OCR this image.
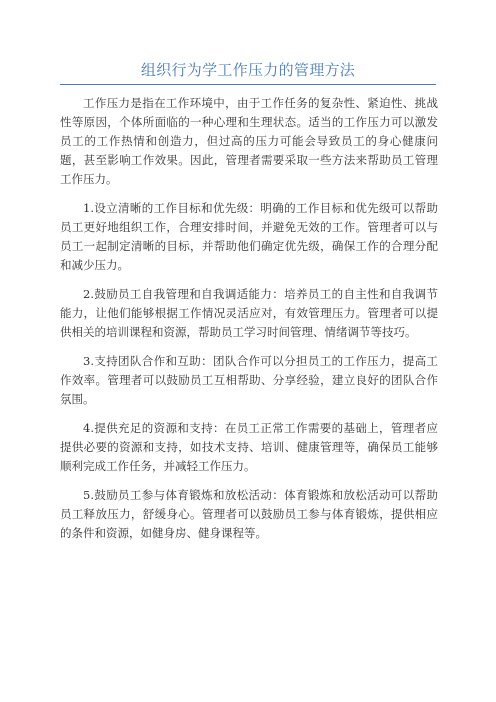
组织行为学工作压力的管理方法

工作压力是指在工作环境中，由于工作任务的复杂性、紧迫性、挑战性等原因，个体所面临的一种心理和生理状态。适当的工作压力可以激发员工的工作热情和创造力，但过高的压力可能会导致员工的身心健康问题，甚至影响工作效果。因此，管理者需要采取一些方法来帮助员工管理工作压力。

1.设立清晰的工作目标和优先级：明确的工作目标和优先级可以帮助员工更好地组织工作，合理安排时间，并避免无效的工作。管理者可以与员工一起制定清晰的目标，并帮助他们确定优先级，确保工作的合理分配和减少压力。

2.鼓励员工自我管理和自我调适能力：培养员工的自主性和自我调节能力，让他们能够根据工作情况灵活应对，有效管理压力。管理者可以提供相关的培训课程和资源，帮助员工学习时间管理、情绪调节等技巧。

3.支持团队合作和互助：团队合作可以分担员工的工作压力，提高工作效率。管理者可以鼓励员工互相帮助、分享经验，建立良好的团队合作氛围。

4.提供充足的资源和支持：在员工正常工作需要的基础上，管理者应提供必要的资源和支持，如技术支持、培训、健康管理等，确保员工能够顺利完成工作任务，并减轻工作压力。

5.鼓励员工参与体育锻炼和放松活动：体育锻炼和放松活动可以帮助员工释放压力，舒缓身心。管理者可以鼓励员工参与体育锻炼，提供相应的条件和资源，如健身房、健身课程等。
